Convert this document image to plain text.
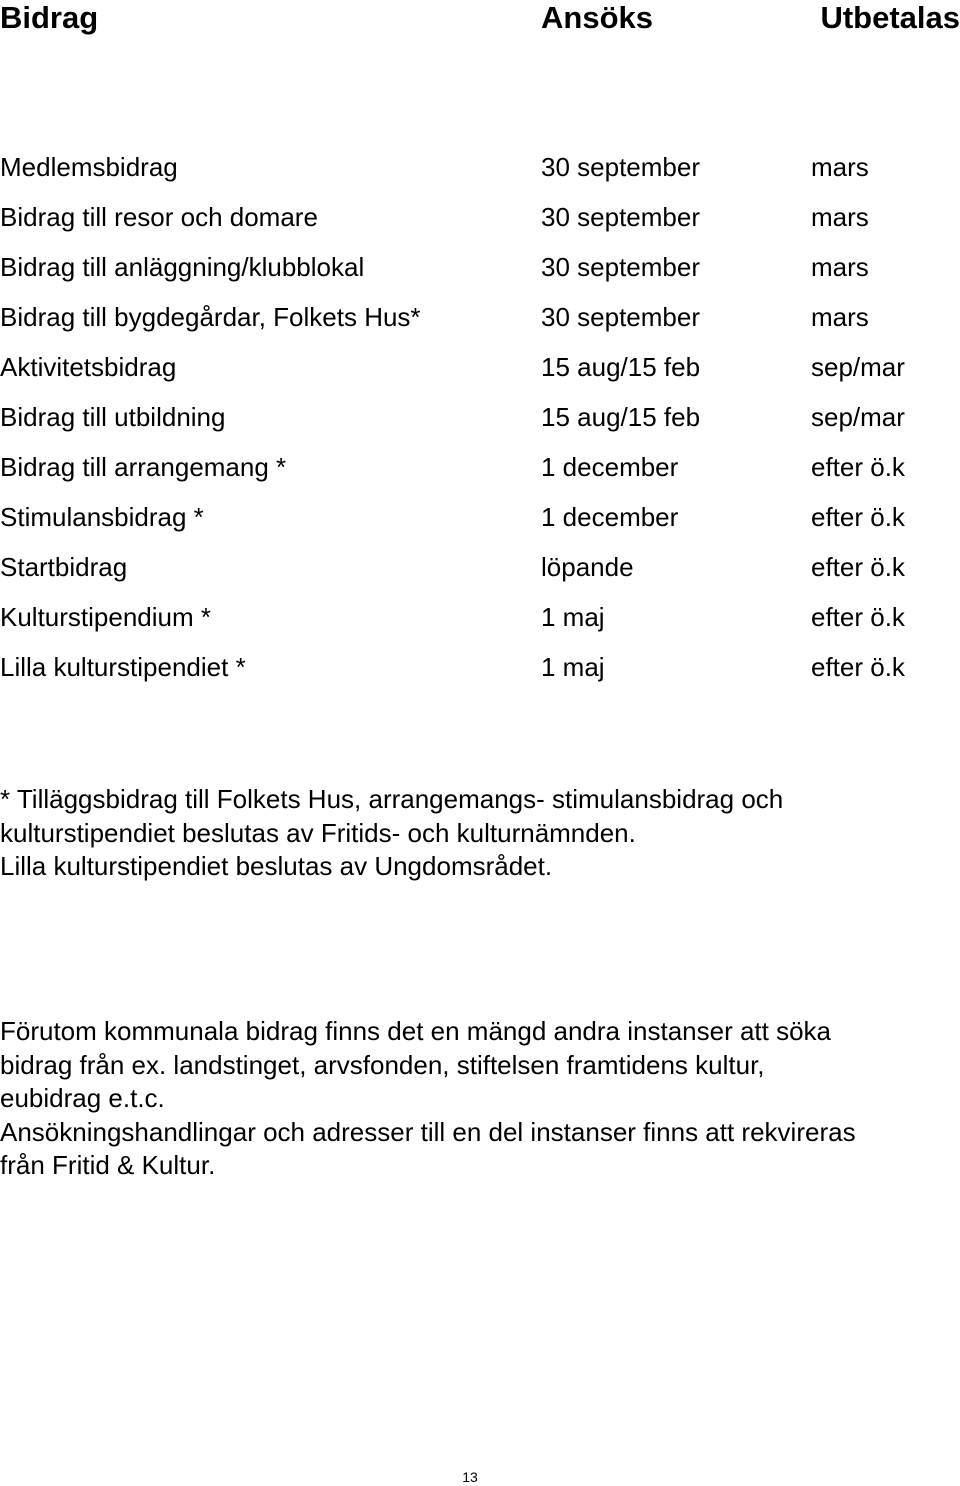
Bidrag	Ansöks	Utbetalas
Medlemsbidrag	30 september	mars
Bidrag till resor och domare	30 september	mars
Bidrag till anläggning/klubblokal	30 september	mars
Bidrag till bygdegårdar, Folkets Hus*	30 september	mars
Aktivitetsbidrag	15 aug/15 feb	sep/mar
Bidrag till utbildning	15 aug/15 feb	sep/mar
Bidrag till arrangemang *	1 december	efter ö.k
Stimulansbidrag *	1 december	efter ö.k
Startbidrag	löpande	efter ö.k
Kulturstipendium *	1 maj	efter ö.k
Lilla kulturstipendiet *	1 maj	efter ö.k

* Tilläggsbidrag till Folkets Hus, arrangemangs- stimulansbidrag och

kulturstipendiet beslutas av Fritids- och kulturnämnden.

Lilla kulturstipendiet beslutas av Ungdomsrådet.

Förutom kommunala bidrag finns det en mängd andra instanser att söka

bidrag från ex. landstinget, arvsfonden, stiftelsen framtidens kultur,

eubidrag e.t.c.

Ansökningshandlingar och adresser till en del instanser finns att rekvireras

från Fritid & Kultur.

13
